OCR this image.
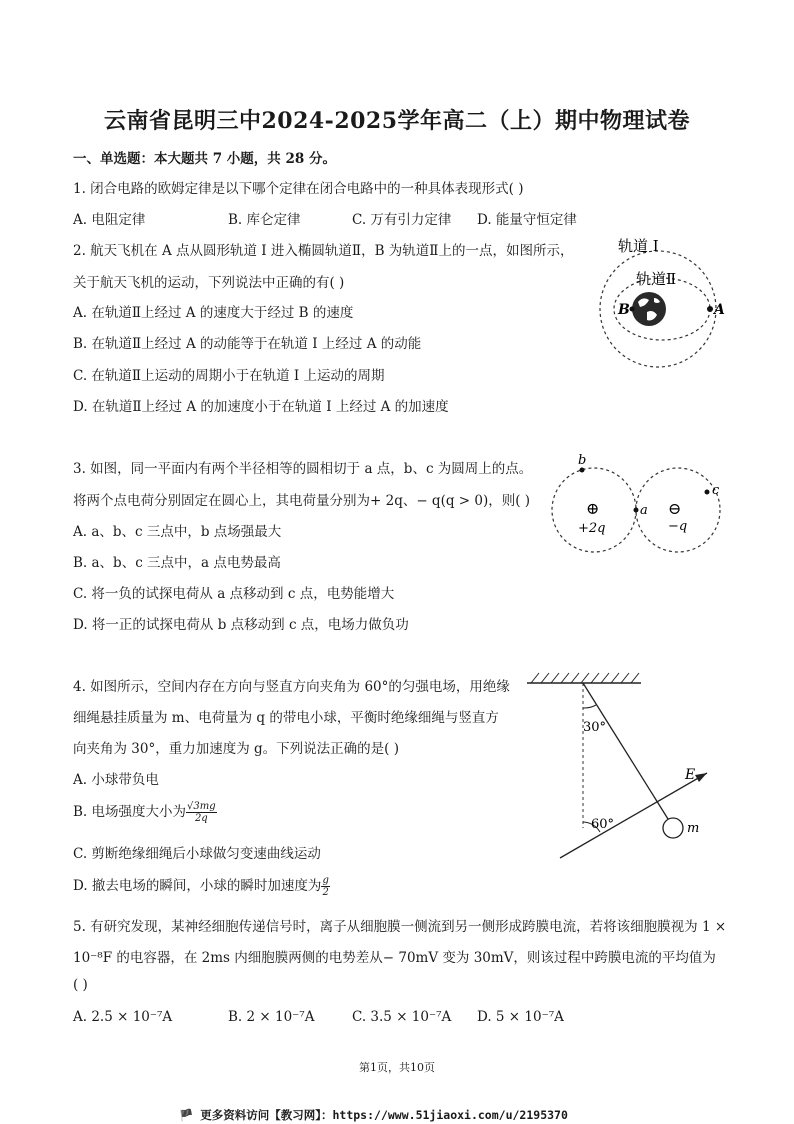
云南省昆明三中2024-2025学年高二（上）期中物理试卷
一、单选题：本大题共 7 小题，共 28 分。
1. 闭合电路的欧姆定律是以下哪个定律在闭合电路中的一种具体表现形式( )
A. 电阻定律	B. 库仑定律	C. 万有引力定律 D. 能量守恒定律
2. 航天飞机在 A 点从圆形轨道 Ⅰ 进入椭圆轨道Ⅱ，B 为轨道Ⅱ上的一点，如图所示，
关于航天飞机的运动，下列说法中正确的有( )
A. 在轨道Ⅱ上经过 A 的速度大于经过 B 的速度
B. 在轨道Ⅱ上经过 A 的动能等于在轨道 Ⅰ 上经过 A 的动能
C. 在轨道Ⅱ上运动的周期小于在轨道 Ⅰ 上运动的周期
D. 在轨道Ⅱ上经过 A 的加速度小于在轨道 Ⅰ 上经过 A 的加速度
轨道 Ⅰ
轨道Ⅱ
B	A
3. 如图，同一平面内有两个半径相等的圆相切于 a 点，b、c 为圆周上的点。
将两个点电荷分别固定在圆心上，其电荷量分别为+ 2q、− q(q > 0)，则( )
A. a、b、c 三点中，b 点场强最大
B. a、b、c 三点中，a 点电势最高
C. 将一负的试探电荷从 a 点移动到 c 点，电势能增大
D. 将一正的试探电荷从 b 点移动到 c 点，电场力做负功
b
a
c
⊕	⊖
+2q	−q
4. 如图所示，空间内存在方向与竖直方向夹角为 60°的匀强电场，用绝缘
细绳悬挂质量为 m、电荷量为 q 的带电小球，平衡时绝缘细绳与竖直方
向夹角为 30°，重力加速度为 g。下列说法正确的是( )
A. 小球带负电
B. 电场强度大小为 $\frac{√3mg}{2q}$
C. 剪断绝缘细绳后小球做匀变速曲线运动
D. 撤去电场的瞬间，小球的瞬时加速度为 $\frac{g}{2}$
30°
60°
E
m
5. 有研究发现，某神经细胞传递信号时，离子从细胞膜一侧流到另一侧形成跨膜电流，若将该细胞膜视为 1 ×
10⁻⁸F 的电容器，在 2ms 内细胞膜两侧的电势差从− 70mV 变为 30mV，则该过程中跨膜电流的平均值为
( )
A. 2.5 × 10⁻⁷A	B. 2 × 10⁻⁷A	C. 3.5 × 10⁻⁷A D. 5 × 10⁻⁷A
第1页，共10页
🏴 更多资料访问【教习网】：https://www.51jiaoxi.com/u/2195370
